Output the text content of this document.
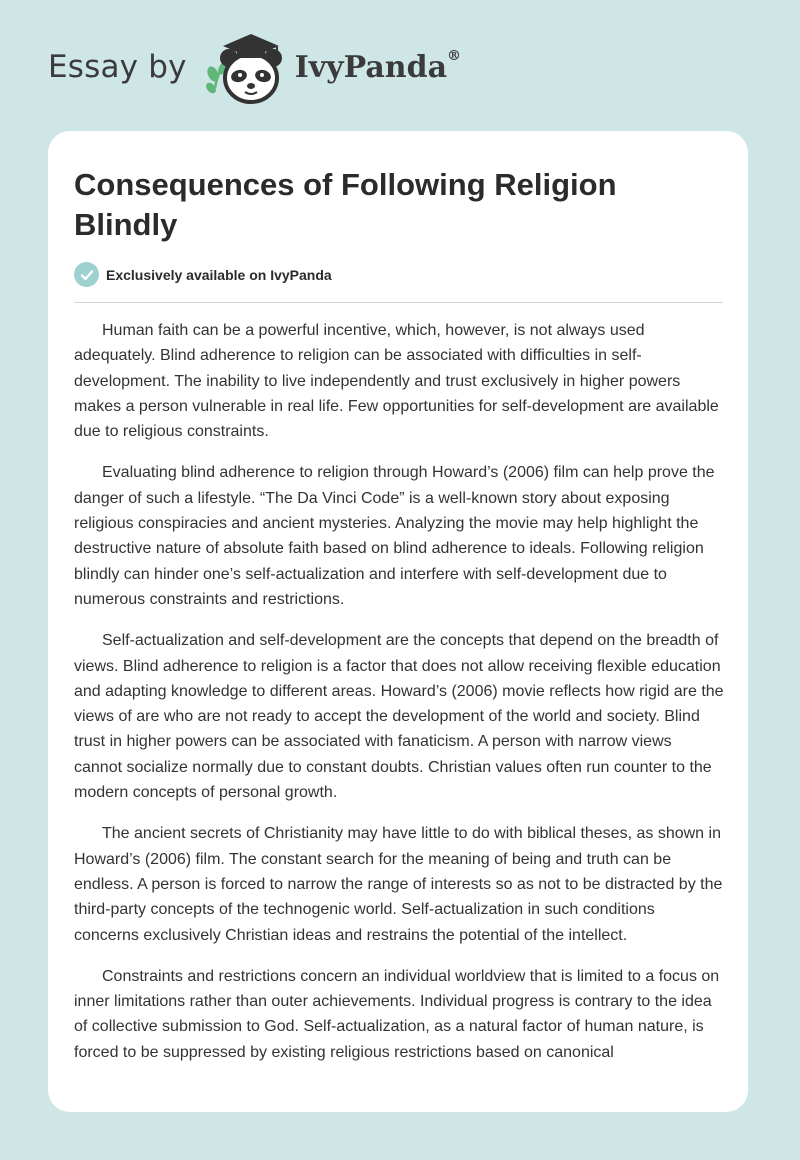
Essay by	IvyPanda®
Consequences of Following Religion Blindly
Exclusively available on IvyPanda

Human faith can be a powerful incentive, which, however, is not always used adequately. Blind adherence to religion can be associated with difficulties in self-development. The inability to live independently and trust exclusively in higher powers makes a person vulnerable in real life. Few opportunities for self-development are available due to religious constraints.

Evaluating blind adherence to religion through Howard’s (2006) film can help prove the danger of such a lifestyle. “The Da Vinci Code” is a well-known story about exposing religious conspiracies and ancient mysteries. Analyzing the movie may help highlight the destructive nature of absolute faith based on blind adherence to ideals. Following religion blindly can hinder one’s self-actualization and interfere with self-development due to numerous constraints and restrictions.

Self-actualization and self-development are the concepts that depend on the breadth of views. Blind adherence to religion is a factor that does not allow receiving flexible education and adapting knowledge to different areas. Howard’s (2006) movie reflects how rigid are the views of are who are not ready to accept the development of the world and society. Blind trust in higher powers can be associated with fanaticism. A person with narrow views cannot socialize normally due to constant doubts. Christian values often run counter to the modern concepts of personal growth.

The ancient secrets of Christianity may have little to do with biblical theses, as shown in Howard’s (2006) film. The constant search for the meaning of being and truth can be endless. A person is forced to narrow the range of interests so as not to be distracted by the third-party concepts of the technogenic world. Self-actualization in such conditions concerns exclusively Christian ideas and restrains the potential of the intellect.

Constraints and restrictions concern an individual worldview that is limited to a focus on inner limitations rather than outer achievements. Individual progress is contrary to the idea of collective submission to God. Self-actualization, as a natural factor of human nature, is forced to be suppressed by existing religious restrictions based on canonical
